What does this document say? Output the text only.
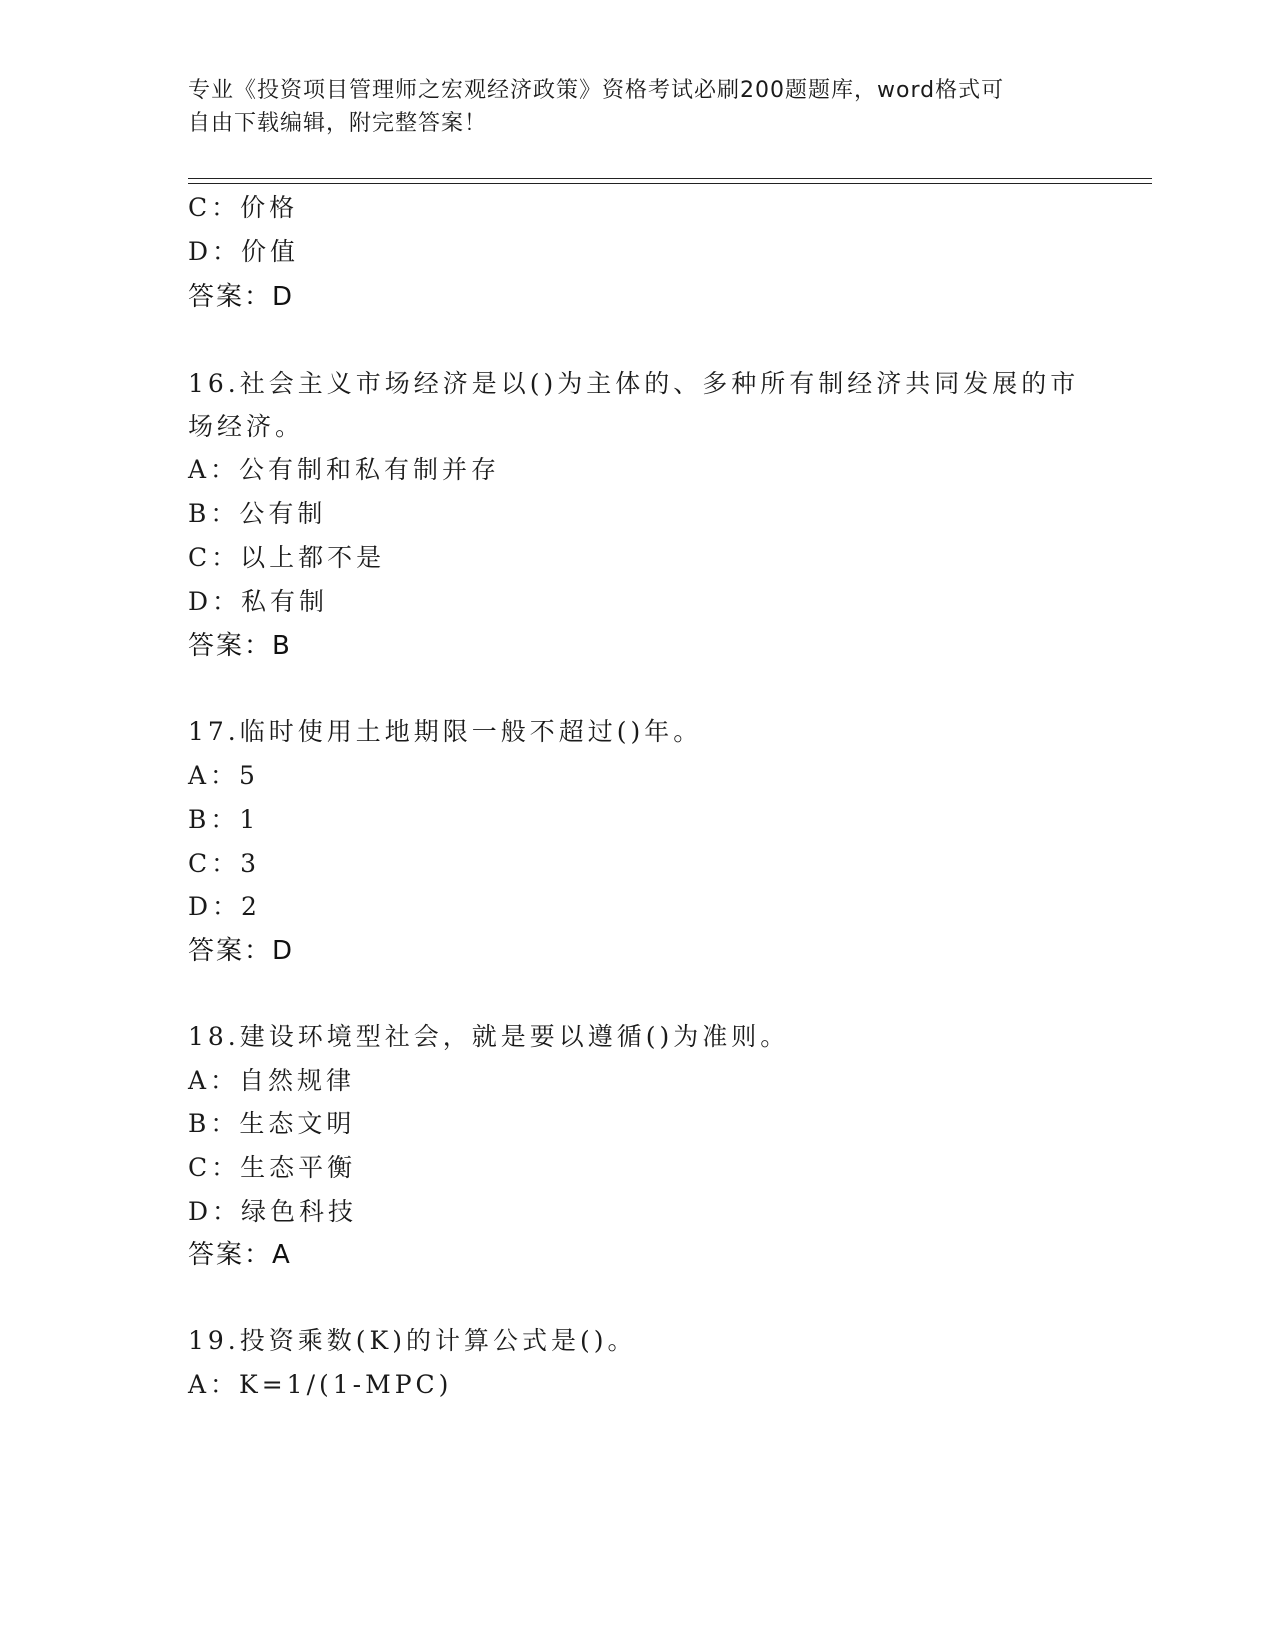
专业《投资项目管理师之宏观经济政策》资格考试必刷200题题库，word格式可
自由下载编辑，附完整答案！
C：价格
D：价值
答案：D
16.社会主义市场经济是以()为主体的、多种所有制经济共同发展的市
场经济。
A：公有制和私有制并存
B：公有制
C：以上都不是
D：私有制
答案：B
17.临时使用土地期限一般不超过()年。
A：5
B：1
C：3
D：2
答案：D
18.建设环境型社会，就是要以遵循()为准则。
A：自然规律
B：生态文明
C：生态平衡
D：绿色科技
答案：A
19.投资乘数(K)的计算公式是()。
A：K=1/(1-MPC)
